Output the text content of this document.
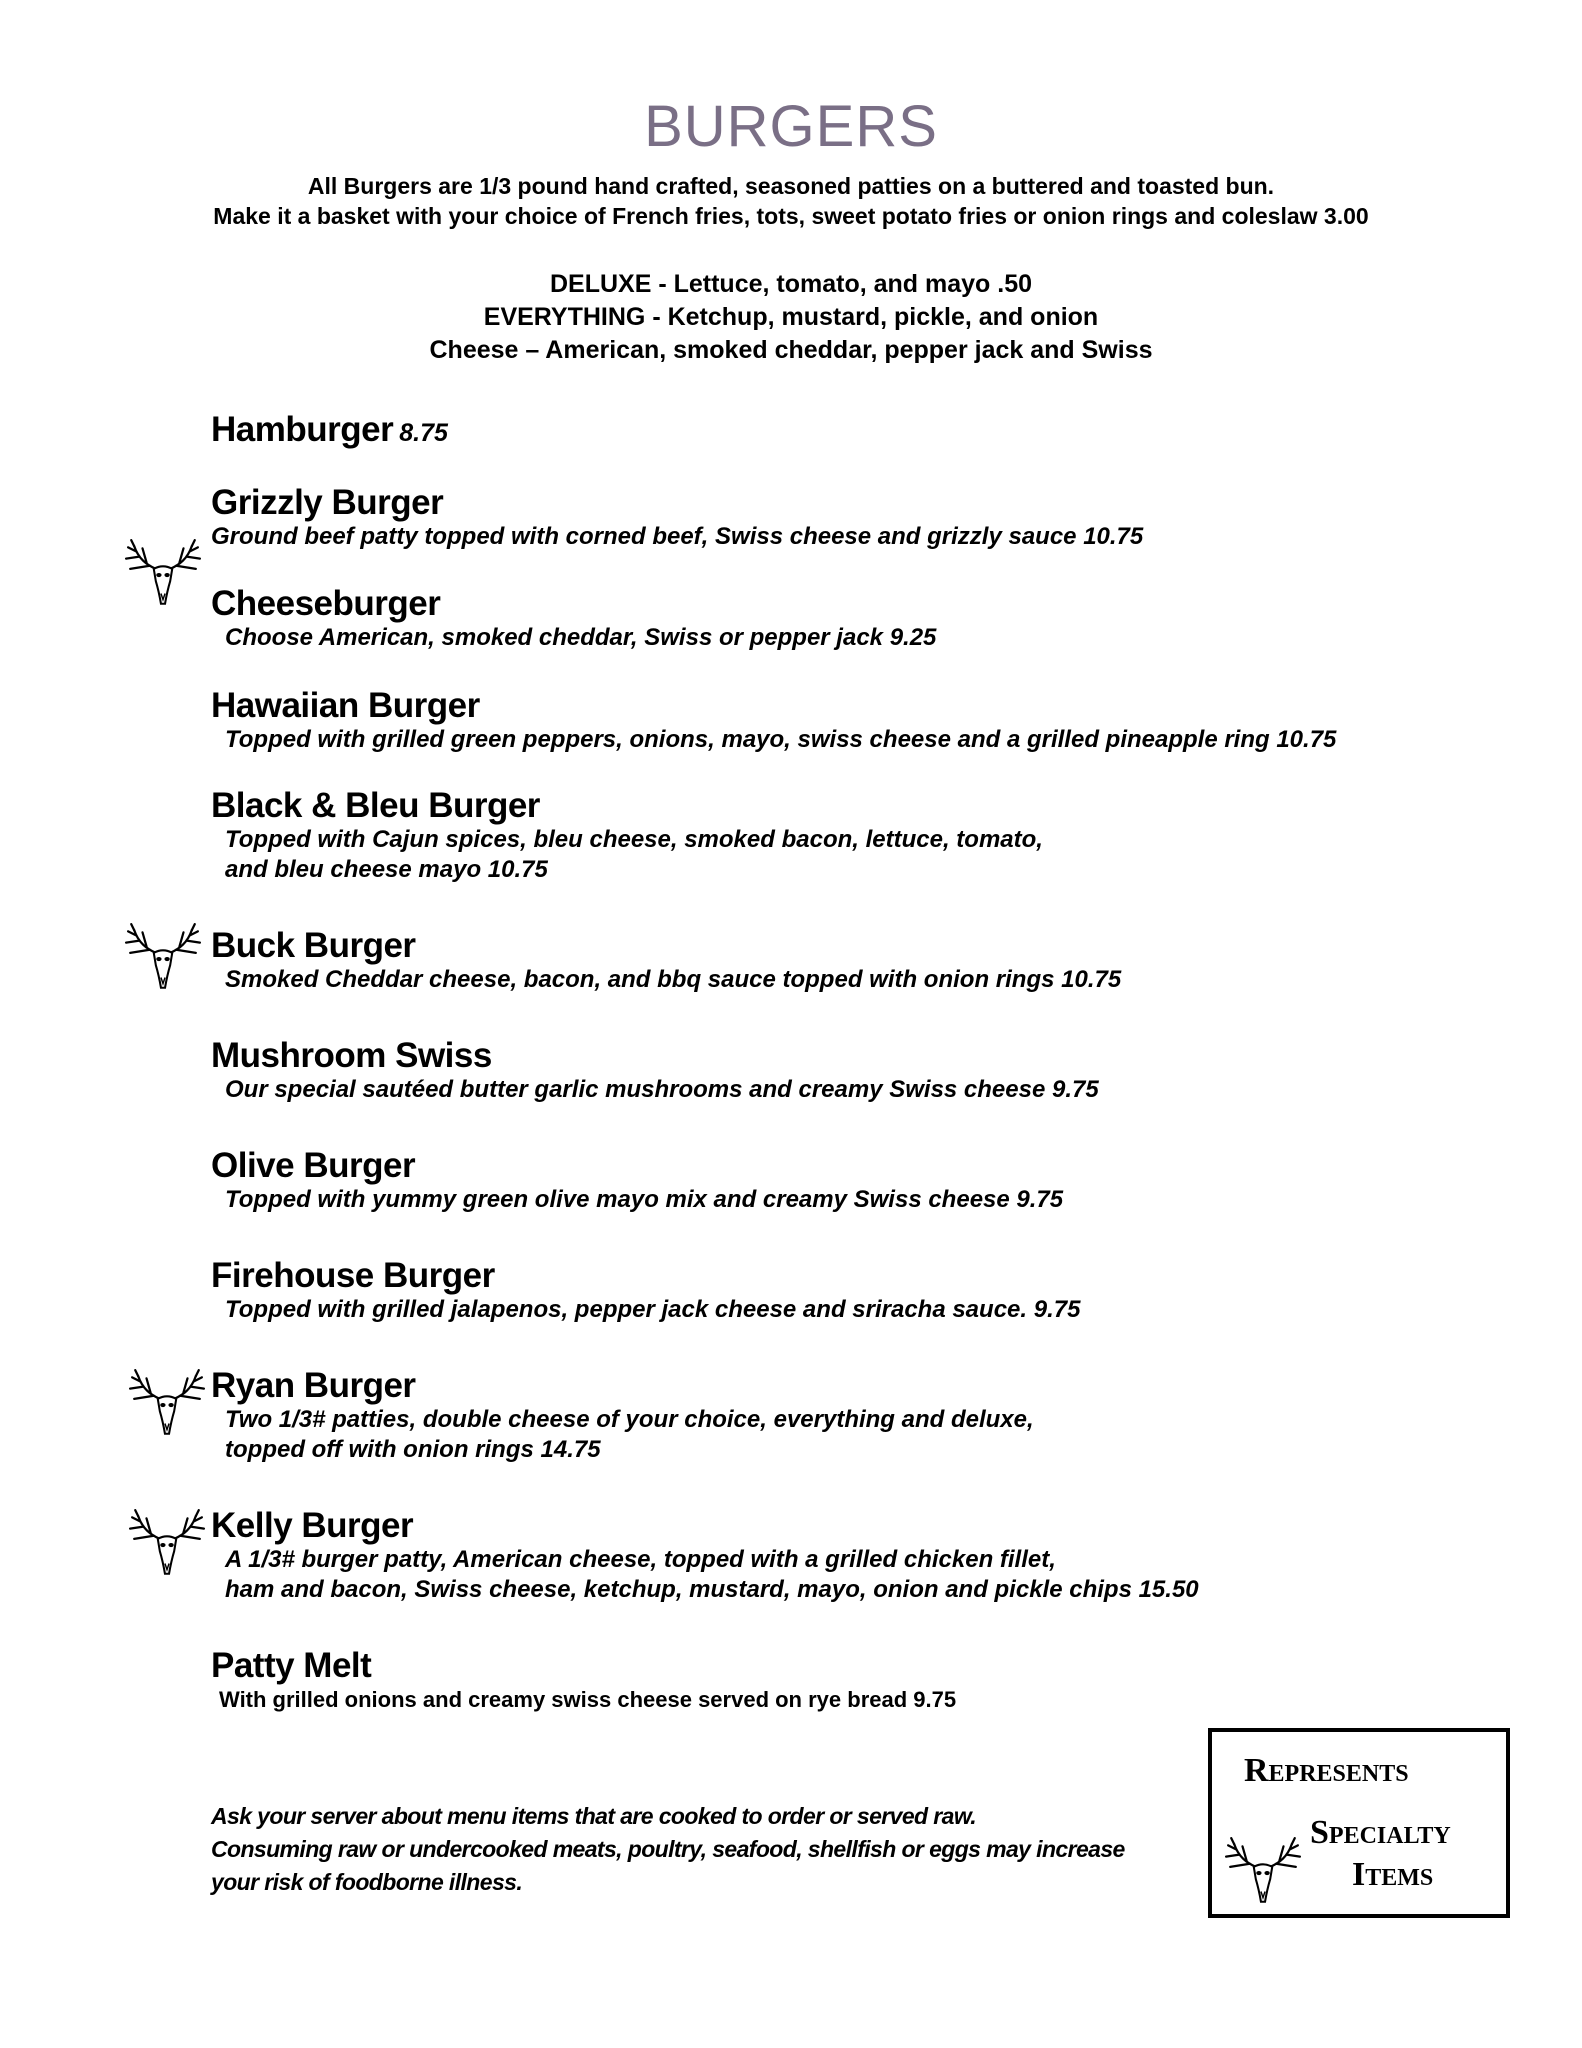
BURGERS
All Burgers are 1/3 pound hand crafted, seasoned patties on a buttered and toasted bun.
Make it a basket with your choice of French fries, tots, sweet potato fries or onion rings and coleslaw 3.00
DELUXE - Lettuce, tomato, and mayo .50
EVERYTHING - Ketchup, mustard, pickle, and onion
Cheese – American, smoked cheddar, pepper jack and Swiss
Hamburger 8.75
Grizzly Burger
Ground beef patty topped with corned beef, Swiss cheese and grizzly sauce 10.75
Cheeseburger
Choose American, smoked cheddar, Swiss or pepper jack 9.25
Hawaiian Burger
Topped with grilled green peppers, onions, mayo, swiss cheese and a grilled pineapple ring 10.75
Black & Bleu Burger
Topped with Cajun spices, bleu cheese, smoked bacon, lettuce, tomato,
and bleu cheese mayo 10.75
Buck Burger
Smoked Cheddar cheese, bacon, and bbq sauce topped with onion rings 10.75
Mushroom Swiss
Our special sautéed butter garlic mushrooms and creamy Swiss cheese 9.75
Olive Burger
Topped with yummy green olive mayo mix and creamy Swiss cheese 9.75
Firehouse Burger
Topped with grilled jalapenos, pepper jack cheese and sriracha sauce. 9.75
Ryan Burger
Two 1/3# patties, double cheese of your choice, everything and deluxe,
topped off with onion rings 14.75
Kelly Burger
A 1/3# burger patty, American cheese, topped with a grilled chicken fillet,
ham and bacon, Swiss cheese, ketchup, mustard, mayo, onion and pickle chips 15.50
Patty Melt
With grilled onions and creamy swiss cheese served on rye bread 9.75
Ask your server about menu items that are cooked to order or served raw.
Consuming raw or undercooked meats, poultry, seafood, shellfish or eggs may increase
your risk of foodborne illness.
Represents
Specialty
Items
